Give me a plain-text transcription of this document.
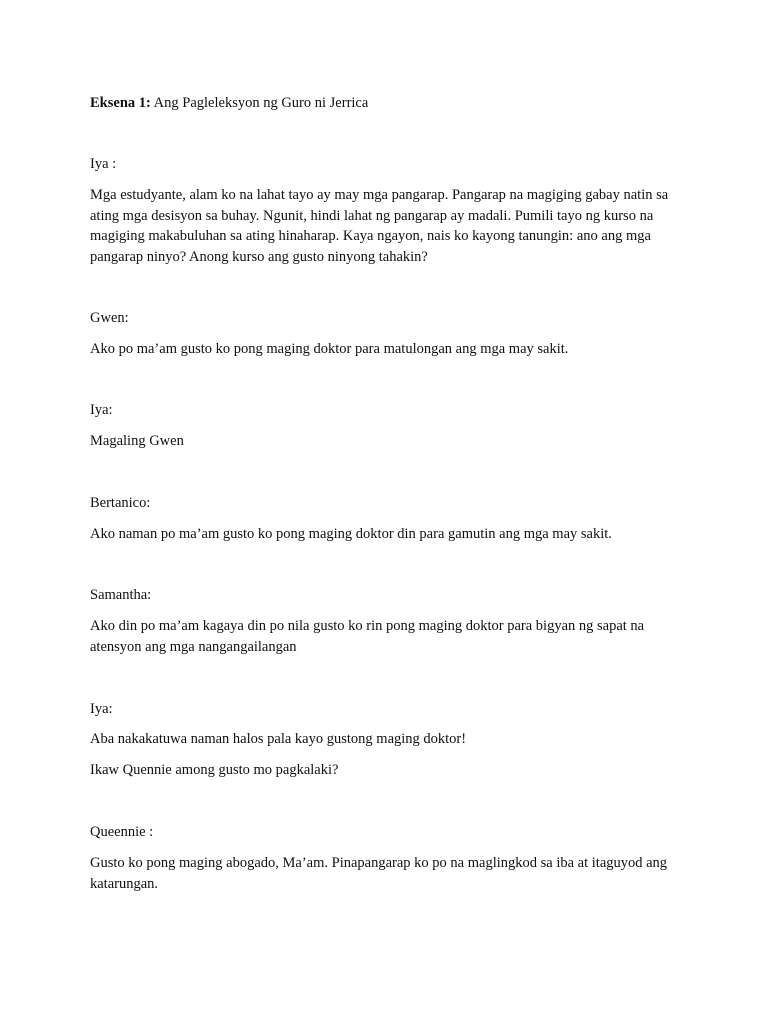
Eksena 1: Ang Pagleleksyon ng Guro ni Jerrica

Iya :

Mga estudyante, alam ko na lahat tayo ay may mga pangarap. Pangarap na magiging gabay natin sa ating mga desisyon sa buhay. Ngunit, hindi lahat ng pangarap ay madali. Pumili tayo ng kurso na magiging makabuluhan sa ating hinaharap. Kaya ngayon, nais ko kayong tanungin: ano ang mga pangarap ninyo? Anong kurso ang gusto ninyong tahakin?

Gwen:

Ako po ma’am gusto ko pong maging doktor para matulongan ang mga may sakit.

Iya:

Magaling Gwen

Bertanico:

Ako naman po ma’am gusto ko pong maging doktor din para gamutin ang mga may sakit.

Samantha:

Ako din po ma’am kagaya din po nila gusto ko rin pong maging doktor para bigyan ng sapat na atensyon ang mga nangangailangan

Iya:

Aba nakakatuwa naman halos pala kayo gustong maging doktor!

Ikaw Quennie among gusto mo pagkalaki?

Queennie :

Gusto ko pong maging abogado, Ma’am. Pinapangarap ko po na maglingkod sa iba at itaguyod ang katarungan.
